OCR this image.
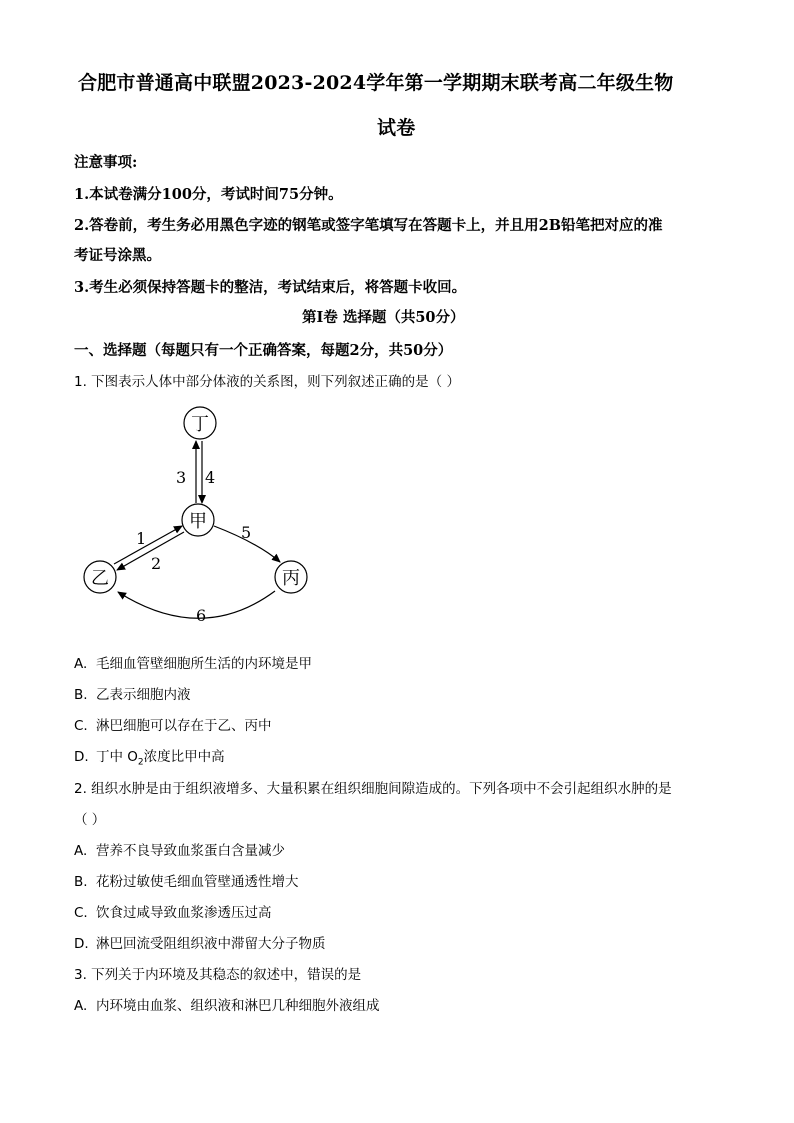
合肥市普通高中联盟2023-2024学年第一学期期末联考高二年级生物
试卷
注意事项:
1.本试卷满分100分，考试时间75分钟。
2.答卷前，考生务必用黑色字迹的钢笔或签字笔填写在答题卡上，并且用2B铅笔把对应的准
考证号涂黑。
3.考生必须保持答题卡的整洁，考试结束后，将答题卡收回。
第I卷 选择题（共50分）
一、选择题（每题只有一个正确答案，每题2分，共50分）
1. 下图表示人体中部分体液的关系图，则下列叙述正确的是（ ）
丁
甲
乙	丙
3 4
1
2
5
6
A. 毛细血管壁细胞所生活的内环境是甲
B. 乙表示细胞内液
C. 淋巴细胞可以存在于乙、丙中
D. 丁中 $O_2$浓度比甲中高
2. 组织水肿是由于组织液增多、大量积累在组织细胞间隙造成的。下列各项中不会引起组织水肿的是
（ ）
A. 营养不良导致血浆蛋白含量减少
B. 花粉过敏使毛细血管壁通透性增大
C. 饮食过咸导致血浆渗透压过高
D. 淋巴回流受阻组织液中滞留大分子物质
3. 下列关于内环境及其稳态的叙述中，错误的是
A. 内环境由血浆、组织液和淋巴几种细胞外液组成
